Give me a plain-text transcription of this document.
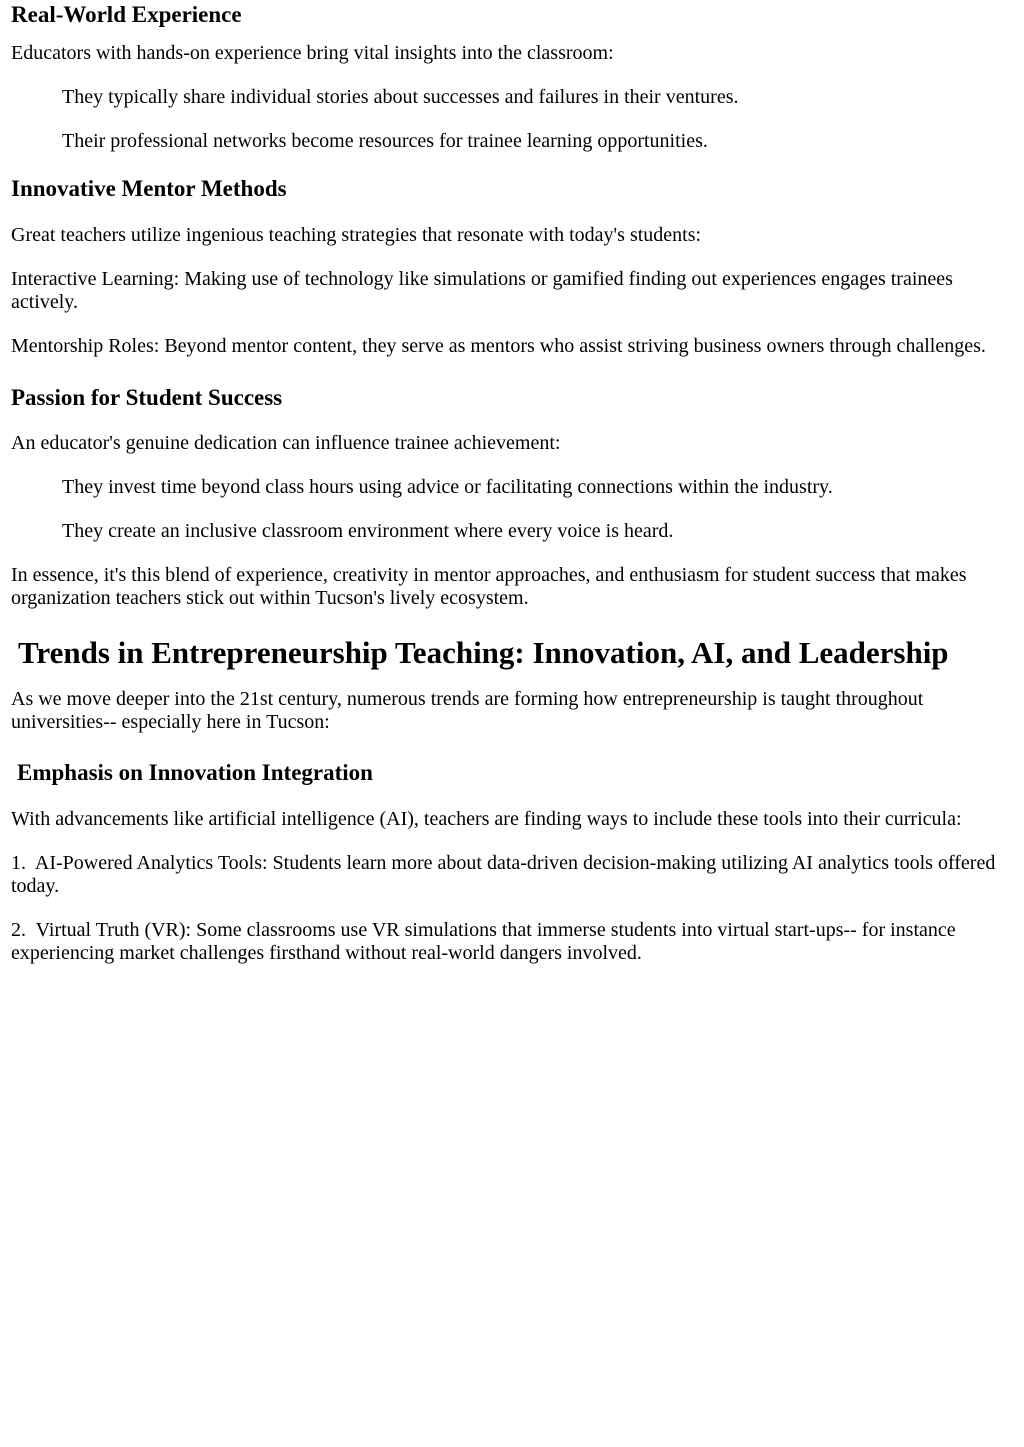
Real-World Experience

Educators with hands-on experience bring vital insights into the classroom:

They typically share individual stories about successes and failures in their ventures.
Their professional networks become resources for trainee learning opportunities.
Innovative Mentor Methods

Great teachers utilize ingenious teaching strategies that resonate with today's students:

Interactive Learning: Making use of technology like simulations or gamified finding out experiences engages trainees actively.

Mentorship Roles: Beyond mentor content, they serve as mentors who assist striving business owners through challenges.

Passion for Student Success

An educator's genuine dedication can influence trainee achievement:

They invest time beyond class hours using advice or facilitating connections within the industry.
They create an inclusive classroom environment where every voice is heard.

In essence, it's this blend of experience, creativity in mentor approaches, and enthusiasm for student success that makes organization teachers stick out within Tucson's lively ecosystem.

Trends in Entrepreneurship Teaching: Innovation, AI, and Leadership

As we move deeper into the 21st century, numerous trends are forming how entrepreneurship is taught throughout universities-- especially here in Tucson:

Emphasis on Innovation Integration

With advancements like artificial intelligence (AI), teachers are finding ways to include these tools into their curricula:

1.  AI-Powered Analytics Tools: Students learn more about data-driven decision-making utilizing AI analytics tools offered today.

2.  Virtual Truth (VR): Some classrooms use VR simulations that immerse students into virtual start-ups-- for instance experiencing market challenges firsthand without real-world dangers involved.
